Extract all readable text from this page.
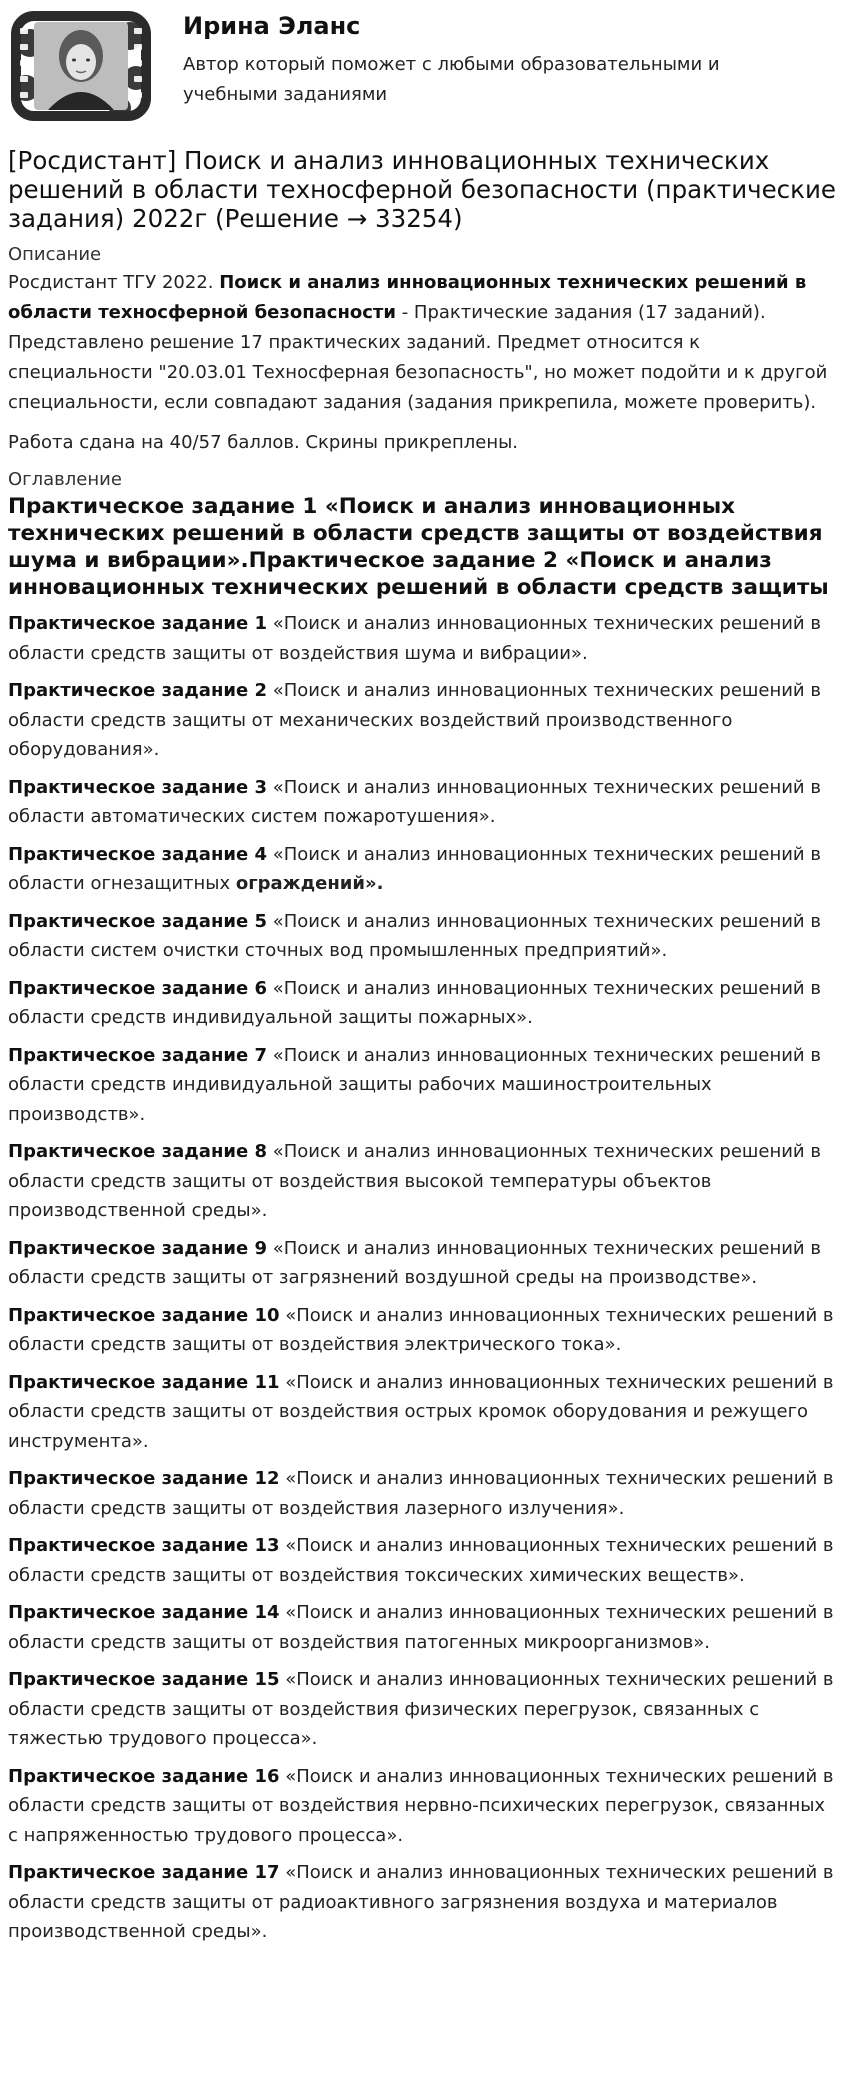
Ирина Эланс
Автор который поможет с любыми образовательными и учебными заданиями
[Росдистант] Поиск и анализ инновационных технических решений в области техносферной безопасности (практические задания) 2022г (Решение → 33254)
Описание

Росдистант ТГУ 2022. Поиск и анализ инновационных технических решений в области техносферной безопасности - Практические задания (17 заданий). Представлено решение 17 практических заданий. Предмет относится к специальности "20.03.01 Техносферная безопасность", но может подойти и к другой специальности, если совпадают задания (задания прикрепила, можете проверить).

Работа сдана на 40/57 баллов. Скрины прикреплены.

Оглавление
Практическое задание 1 «Поиск и анализ инновационных технических решений в области средств защиты от воздействия шума и вибрации».Практическое задание 2 «Поиск и анализ инновационных технических решений в области средств защиты

Практическое задание 1 «Поиск и анализ инновационных технических решений в области средств защиты от воздействия шума и вибрации».

Практическое задание 2 «Поиск и анализ инновационных технических решений в области средств защиты от механических воздействий производственного оборудования».

Практическое задание 3 «Поиск и анализ инновационных технических решений в области автоматических систем пожаротушения».

Практическое задание 4 «Поиск и анализ инновационных технических решений в области огнезащитных ограждений».

Практическое задание 5 «Поиск и анализ инновационных технических решений в области систем очистки сточных вод промышленных предприятий».

Практическое задание 6 «Поиск и анализ инновационных технических решений в области средств индивидуальной защиты пожарных».

Практическое задание 7 «Поиск и анализ инновационных технических решений в области средств индивидуальной защиты рабочих машиностроительных производств».

Практическое задание 8 «Поиск и анализ инновационных технических решений в области средств защиты от воздействия высокой температуры объектов производственной среды».

Практическое задание 9 «Поиск и анализ инновационных технических решений в области средств защиты от загрязнений воздушной среды на производстве».

Практическое задание 10 «Поиск и анализ инновационных технических решений в области средств защиты от воздействия электрического тока».

Практическое задание 11 «Поиск и анализ инновационных технических решений в области средств защиты от воздействия острых кромок оборудования и режущего инструмента».

Практическое задание 12 «Поиск и анализ инновационных технических решений в области средств защиты от воздействия лазерного излучения».

Практическое задание 13 «Поиск и анализ инновационных технических решений в области средств защиты от воздействия токсических химических веществ».

Практическое задание 14 «Поиск и анализ инновационных технических решений в области средств защиты от воздействия патогенных микроорганизмов».

Практическое задание 15 «Поиск и анализ инновационных технических решений в области средств защиты от воздействия физических перегрузок, связанных с тяжестью трудового процесса».

Практическое задание 16 «Поиск и анализ инновационных технических решений в области средств защиты от воздействия нервно-психических перегрузок, связанных с напряженностью трудового процесса».

Практическое задание 17 «Поиск и анализ инновационных технических решений в области средств защиты от радиоактивного загрязнения воздуха и материалов производственной среды».
